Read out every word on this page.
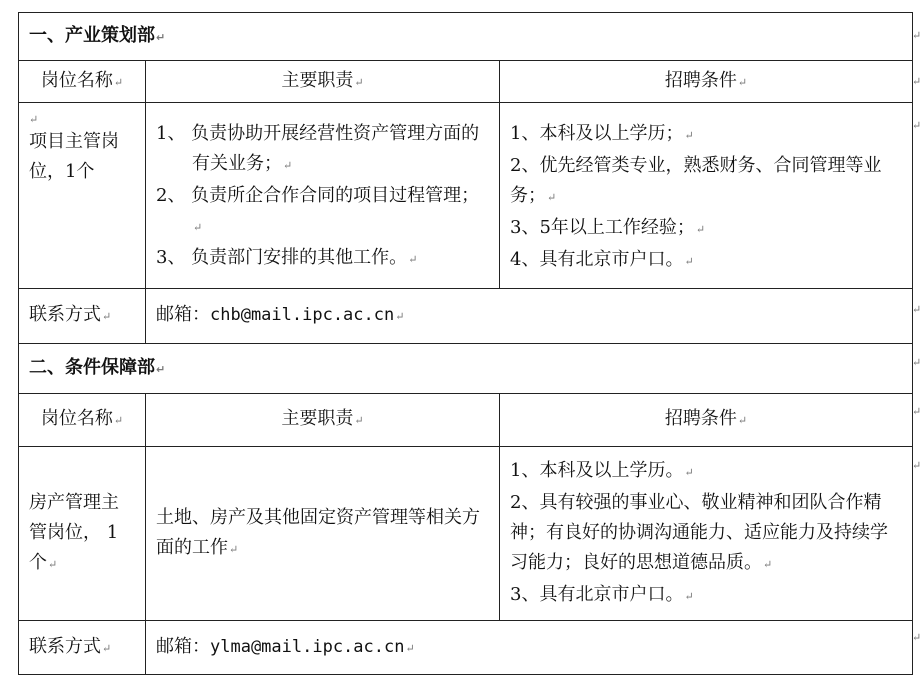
一、产业策划部↵		
岗位名称↵	主要职责↵	招聘条件↵

↵
项目主管岗位，1个	1、 负责协助开展经营性资产管理方面的有关业务；↵
2、 负责所企合作合同的项目过程管理；↵
3、 负责部门安排的其他工作。↵	1、本科及以上学历；↵
2、优先经管类专业，熟悉财务、合同管理等业务；↵
3、5年以上工作经验；↵
4、具有北京市户口。↵

联系方式↵	邮箱：chb@mail.ipc.ac.cn↵	
二、条件保障部↵		
岗位名称↵	主要职责↵	招聘条件↵
房产管理主管岗位， 1个↵	土地、房产及其他固定资产管理等相关方面的工作↵	1、本科及以上学历。↵
2、具有较强的事业心、敬业精神和团队合作精神；有良好的协调沟通能力、适应能力及持续学习能力；良好的思想道德品质。↵
3、具有北京市户口。↵

联系方式↵	邮箱：ylma@mail.ipc.ac.cn↵	
↵
↵
↵
↵
↵
↵
↵
↵
